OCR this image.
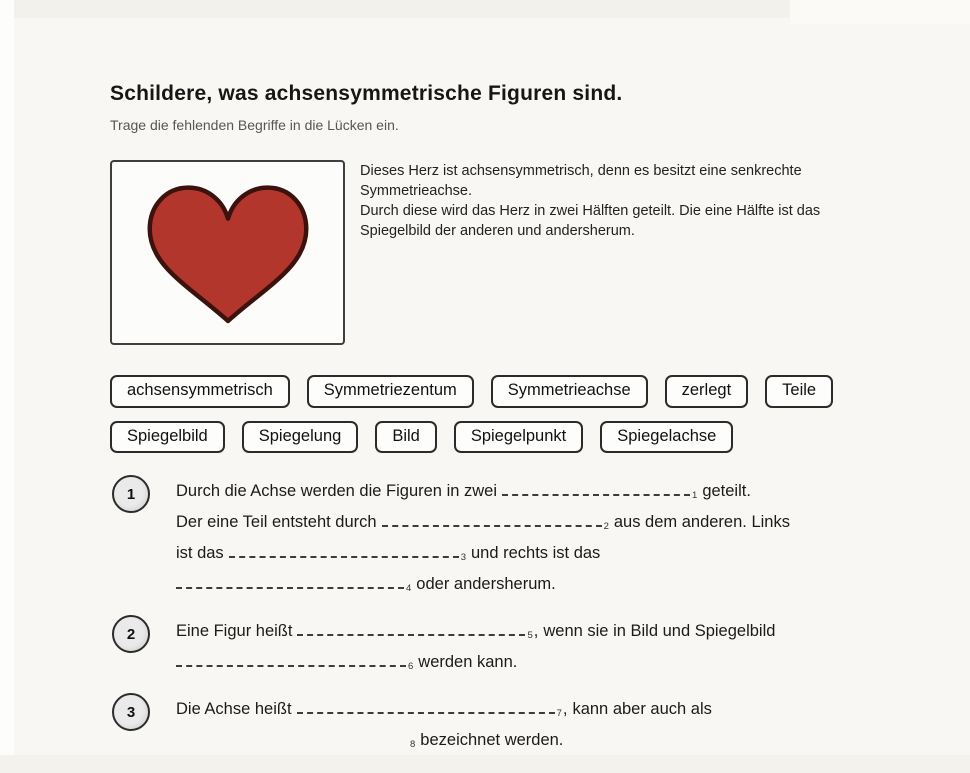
Schildere, was achsensymmetrische Figuren sind.
Trage die fehlenden Begriffe in die Lücken ein.

Dieses Herz ist achsensymmetrisch, denn es besitzt eine senkrechte Symmetrieachse.

Durch diese wird das Herz in zwei Hälften geteilt. Die eine Hälfte ist das Spiegelbild der anderen und andersherum.

achsensymmetrisch	Symmetriezentum	Symmetrieachse	zerlegt	Teile
Spiegelbild	Spiegelung	Bild	Spiegelpunkt	Spiegelachse
1	Durch die Achse werden die Figuren in zwei	1 geteilt.
Der eine Teil entsteht durch	2 aus dem anderen. Links
ist das	3 und rechts ist das
4 oder andersherum.
2	Eine Figur heißt	5, wenn sie in Bild und Spiegelbild
6 werden kann.
3	Die Achse heißt	7, kann aber auch als
8 bezeichnet werden.
